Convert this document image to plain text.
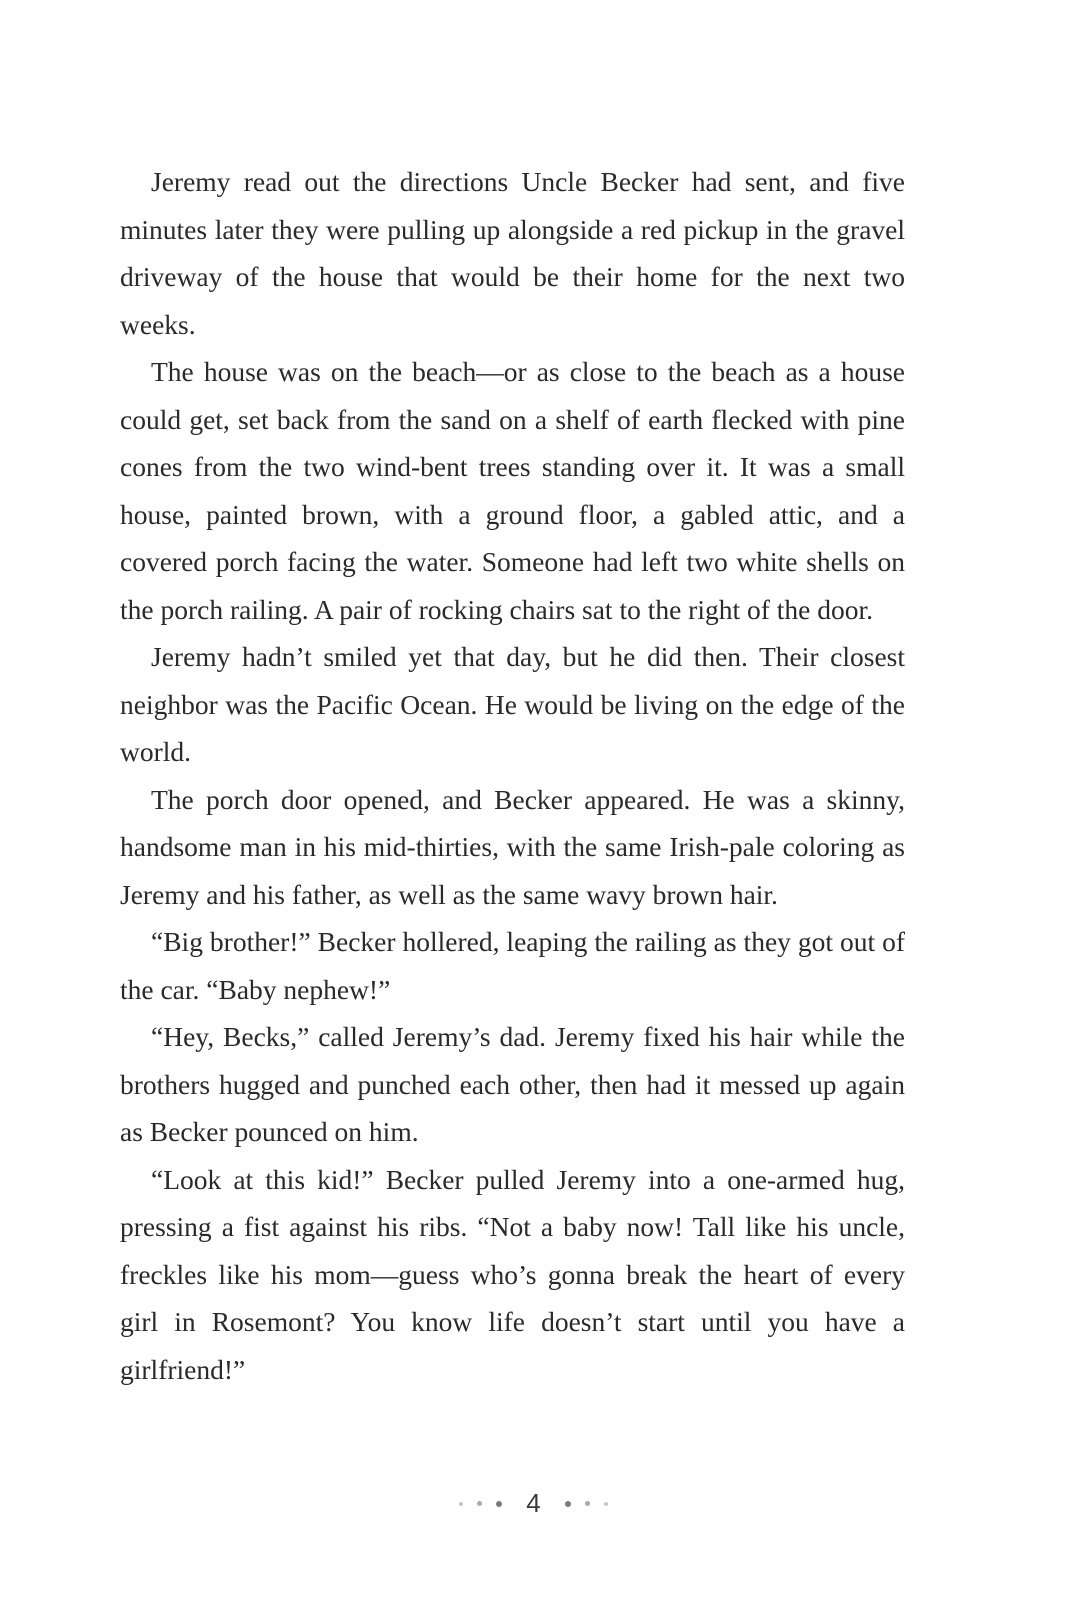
Jeremy read out the directions Uncle Becker had sent, and five minutes later they were pulling up alongside a red pickup in the gravel driveway of the house that would be their home for the next two weeks.

The house was on the beach—or as close to the beach as a house could get, set back from the sand on a shelf of earth flecked with pine cones from the two wind-bent trees standing over it. It was a small house, painted brown, with a ground floor, a gabled attic, and a covered porch facing the water. Someone had left two white shells on the porch railing. A pair of rocking chairs sat to the right of the door.

Jeremy hadn’t smiled yet that day, but he did then. Their closest neighbor was the Pacific Ocean. He would be living on the edge of the world.

The porch door opened, and Becker appeared. He was a skinny, handsome man in his mid-thirties, with the same Irish-pale coloring as Jeremy and his father, as well as the same wavy brown hair.

“Big brother!” Becker hollered, leaping the railing as they got out of the car. “Baby nephew!”

“Hey, Becks,” called Jeremy’s dad. Jeremy fixed his hair while the brothers hugged and punched each other, then had it messed up again as Becker pounced on him.

“Look at this kid!” Becker pulled Jeremy into a one-armed hug, pressing a fist against his ribs. “Not a baby now! Tall like his uncle, freckles like his mom—guess who’s gonna break the heart of every girl in Rosemont? You know life doesn’t start until you have a girlfriend!”

4
